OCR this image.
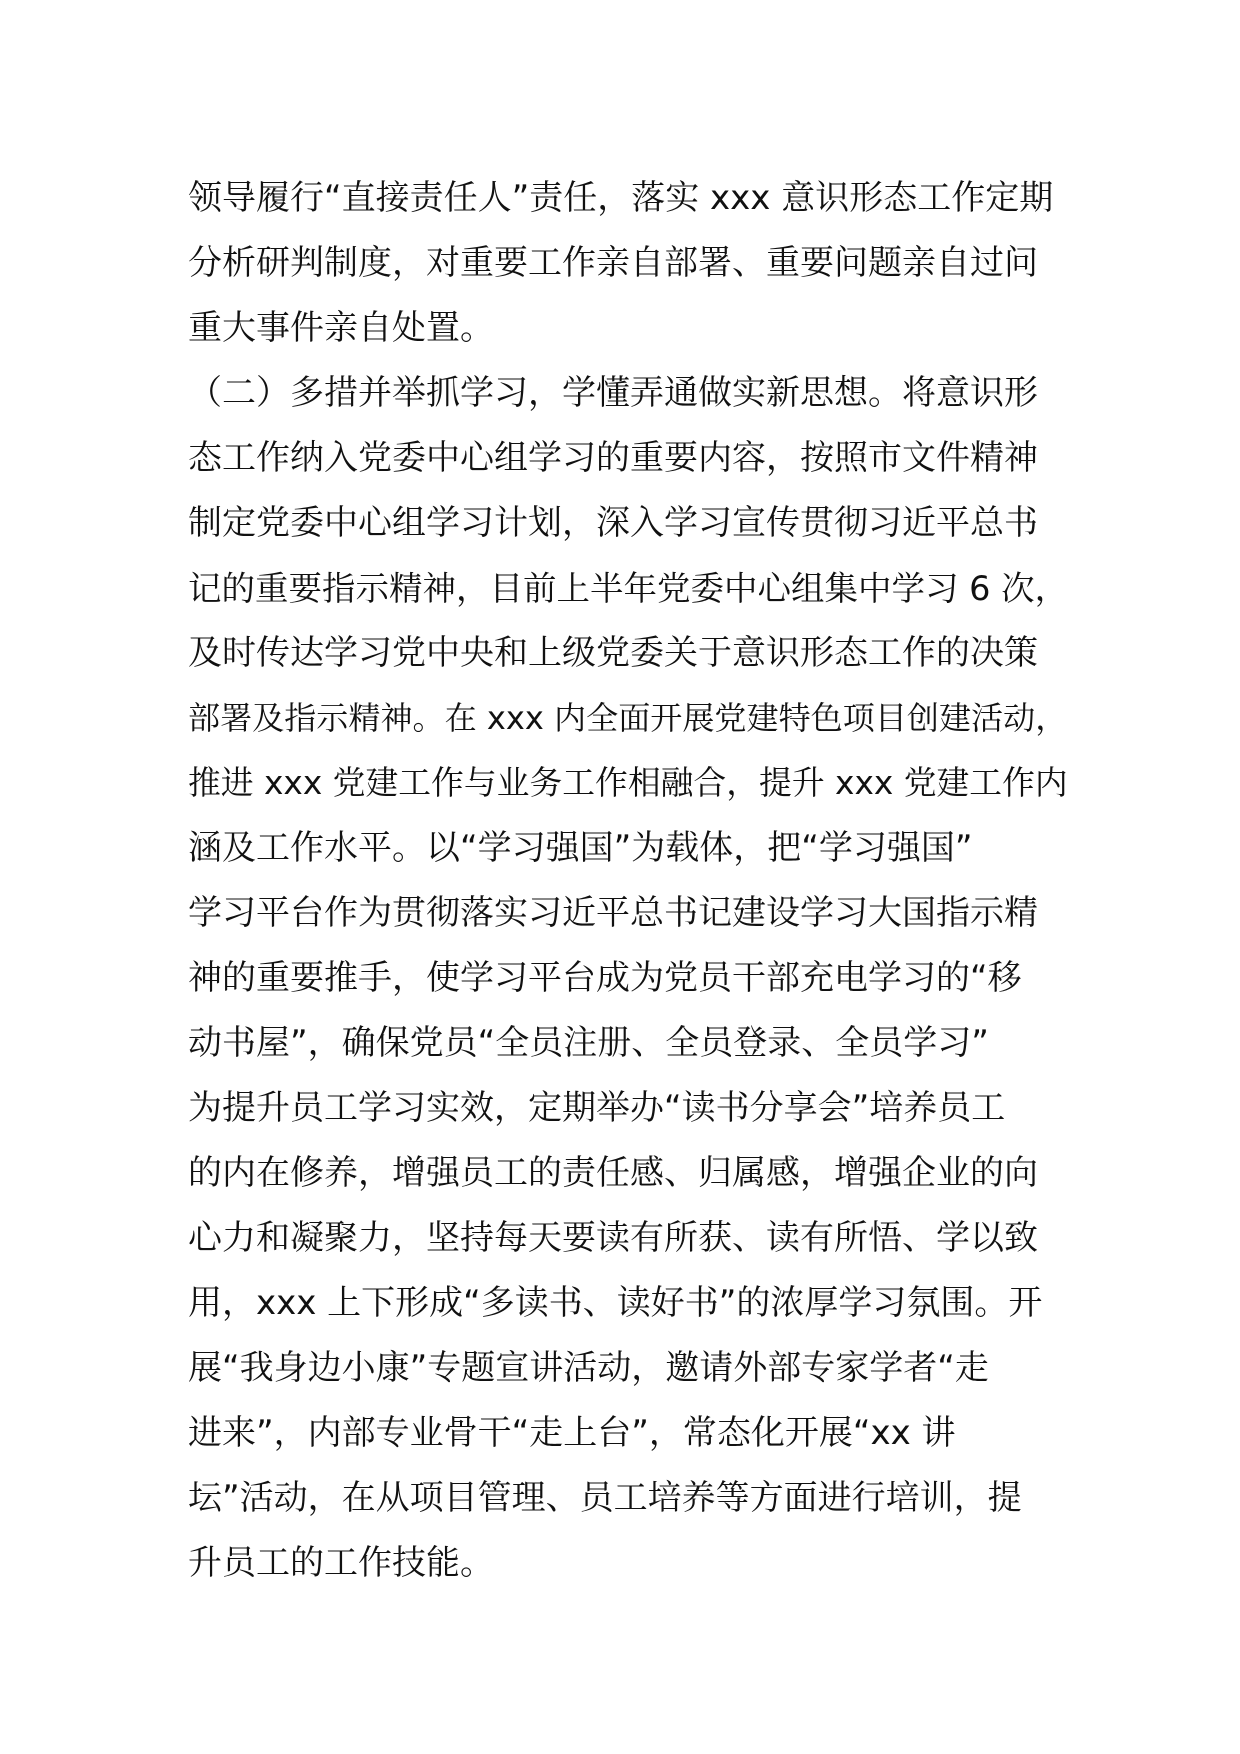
领导履行“直接责任人”责任，落实 xxx 意识形态工作定期
分析研判制度，对重要工作亲自部署、重要问题亲自过问
重大事件亲自处置。
（二）多措并举抓学习，学懂弄通做实新思想。将意识形
态工作纳入党委中心组学习的重要内容，按照市文件精神
制定党委中心组学习计划，深入学习宣传贯彻习近平总书
记的重要指示精神，目前上半年党委中心组集中学习 6 次，
及时传达学习党中央和上级党委关于意识形态工作的决策
部署及指示精神。在 xxx 内全面开展党建特色项目创建活动，
推进 xxx 党建工作与业务工作相融合，提升 xxx 党建工作内
涵及工作水平。以“学习强国”为载体，把“学习强国”
学习平台作为贯彻落实习近平总书记建设学习大国指示精
神的重要推手，使学习平台成为党员干部充电学习的“移
动书屋”，确保党员“全员注册、全员登录、全员学习”
为提升员工学习实效，定期举办“读书分享会”培养员工
的内在修养，增强员工的责任感、归属感，增强企业的向
心力和凝聚力，坚持每天要读有所获、读有所悟、学以致
用，xxx 上下形成“多读书、读好书”的浓厚学习氛围。开
展“我身边小康”专题宣讲活动，邀请外部专家学者“走
进来”，内部专业骨干“走上台”，常态化开展“xx 讲
坛”活动，在从项目管理、员工培养等方面进行培训，提
升员工的工作技能。
